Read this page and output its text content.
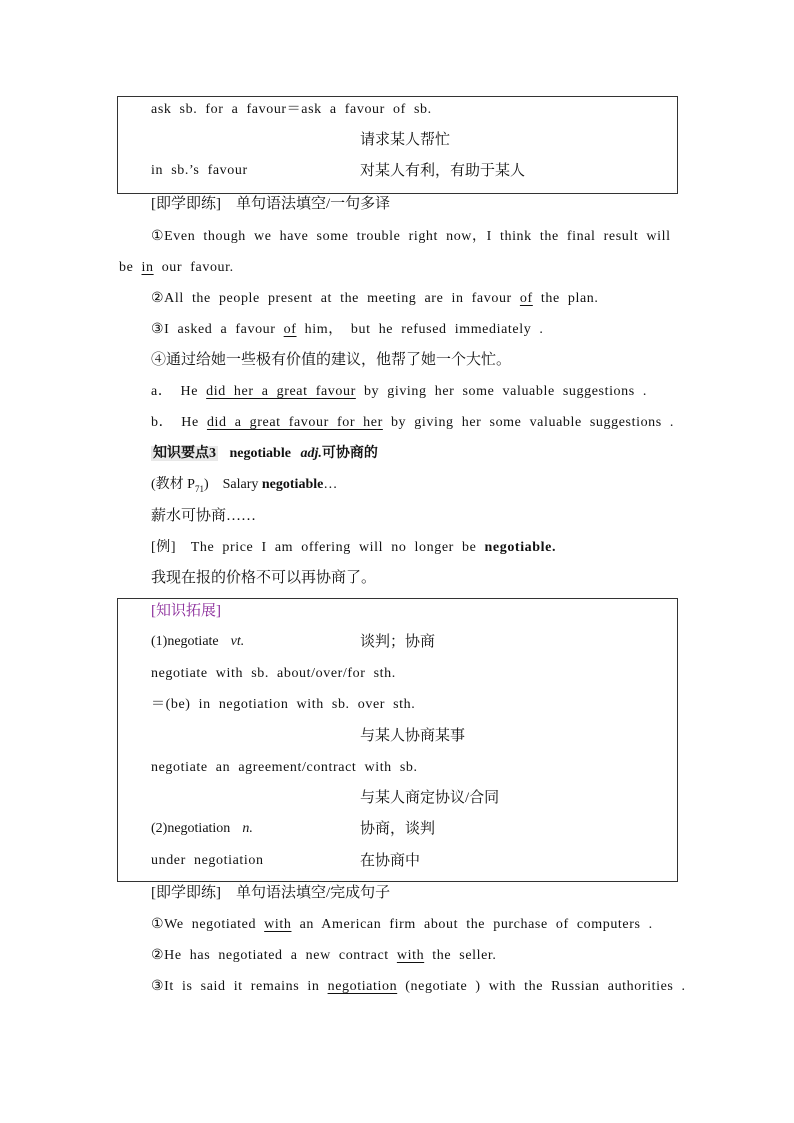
ask sb. for a favour＝ask a favour of sb.
请求某人帮忙
in sb.’s favour	对某人有利，有助于某人
[即学即练]　单句语法填空/一句多译
①Even though we have some trouble right now，I think the final result will
be in our favour.
②All the people present at the meeting are in favour of the plan.
③I asked a favour of him， but he refused immediately .
④通过给她一些极有价值的建议，他帮了她一个大忙。
a． He did her a great favour by giving her some valuable suggestions .
b． He did a great favour for her by giving her some valuable suggestions .
知识要点3 negotiable adj.可协商的
(教材 $P_{71}$)　Salary negotiable…
薪水可协商……
[例]　The price I am offering will no longer be negotiable.
我现在报的价格不可以再协商了。
[知识拓展]
(1)negotiate vt.	谈判；协商
negotiate with sb. about/over/for sth.
＝(be) in negotiation with sb. over sth.
与某人协商某事
negotiate an agreement/contract with sb.
与某人商定协议/合同
(2)negotiation n.	协商，谈判
under negotiation	在协商中
[即学即练]　单句语法填空/完成句子
①We negotiated with an American firm about the purchase of computers .
②He has negotiated a new contract with the seller.
③It is said it remains in negotiation (negotiate ) with the Russian authorities .
